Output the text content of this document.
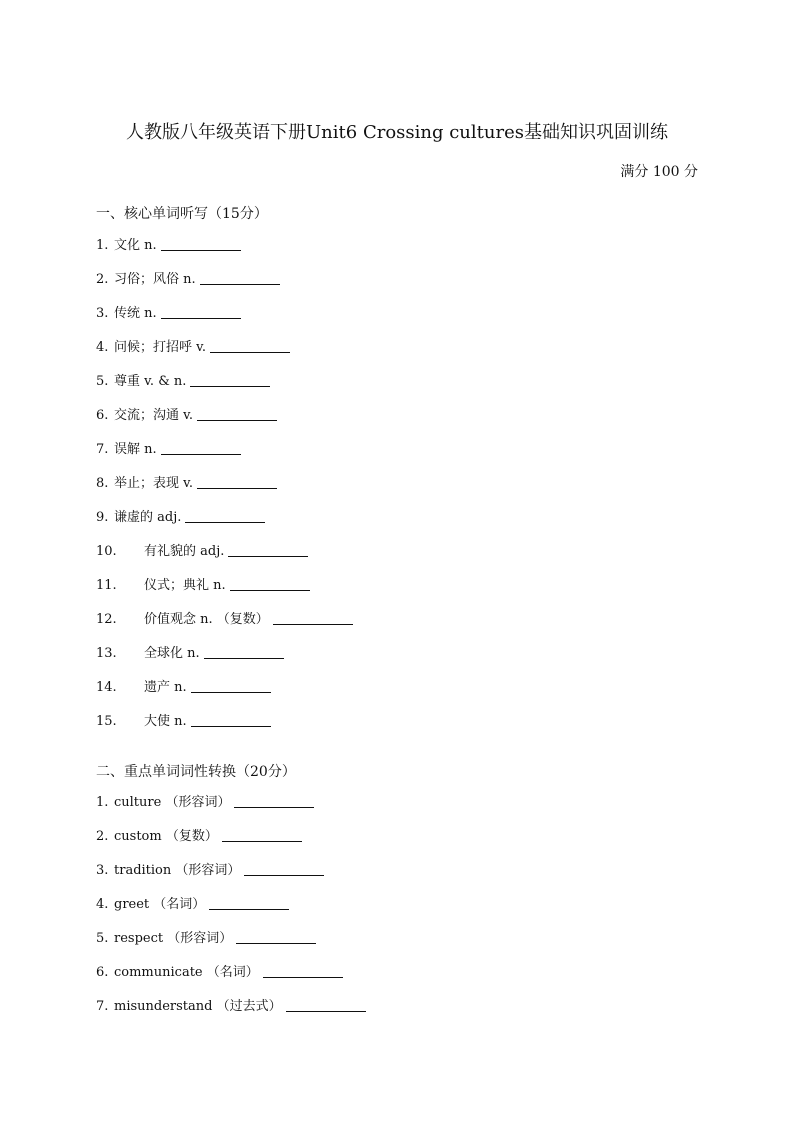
人教版八年级英语下册Unit6 Crossing cultures基础知识巩固训练
满分 100 分
一、核心单词听写（15分）
1. 文化 n.
2. 习俗；风俗 n.
3. 传统 n.
4. 问候；打招呼 v.
5. 尊重 v. & n.
6. 交流；沟通 v.
7. 误解 n.
8. 举止；表现 v.
9. 谦虚的 adj.
10. 有礼貌的 adj.
11. 仪式；典礼 n.
12. 价值观念 n. （复数）
13. 全球化 n.
14. 遗产 n.
15. 大使 n.
二、重点单词词性转换（20分）
1. culture （形容词）
2. custom （复数）
3. tradition （形容词）
4. greet （名词）
5. respect （形容词）
6. communicate （名词）
7. misunderstand （过去式）
